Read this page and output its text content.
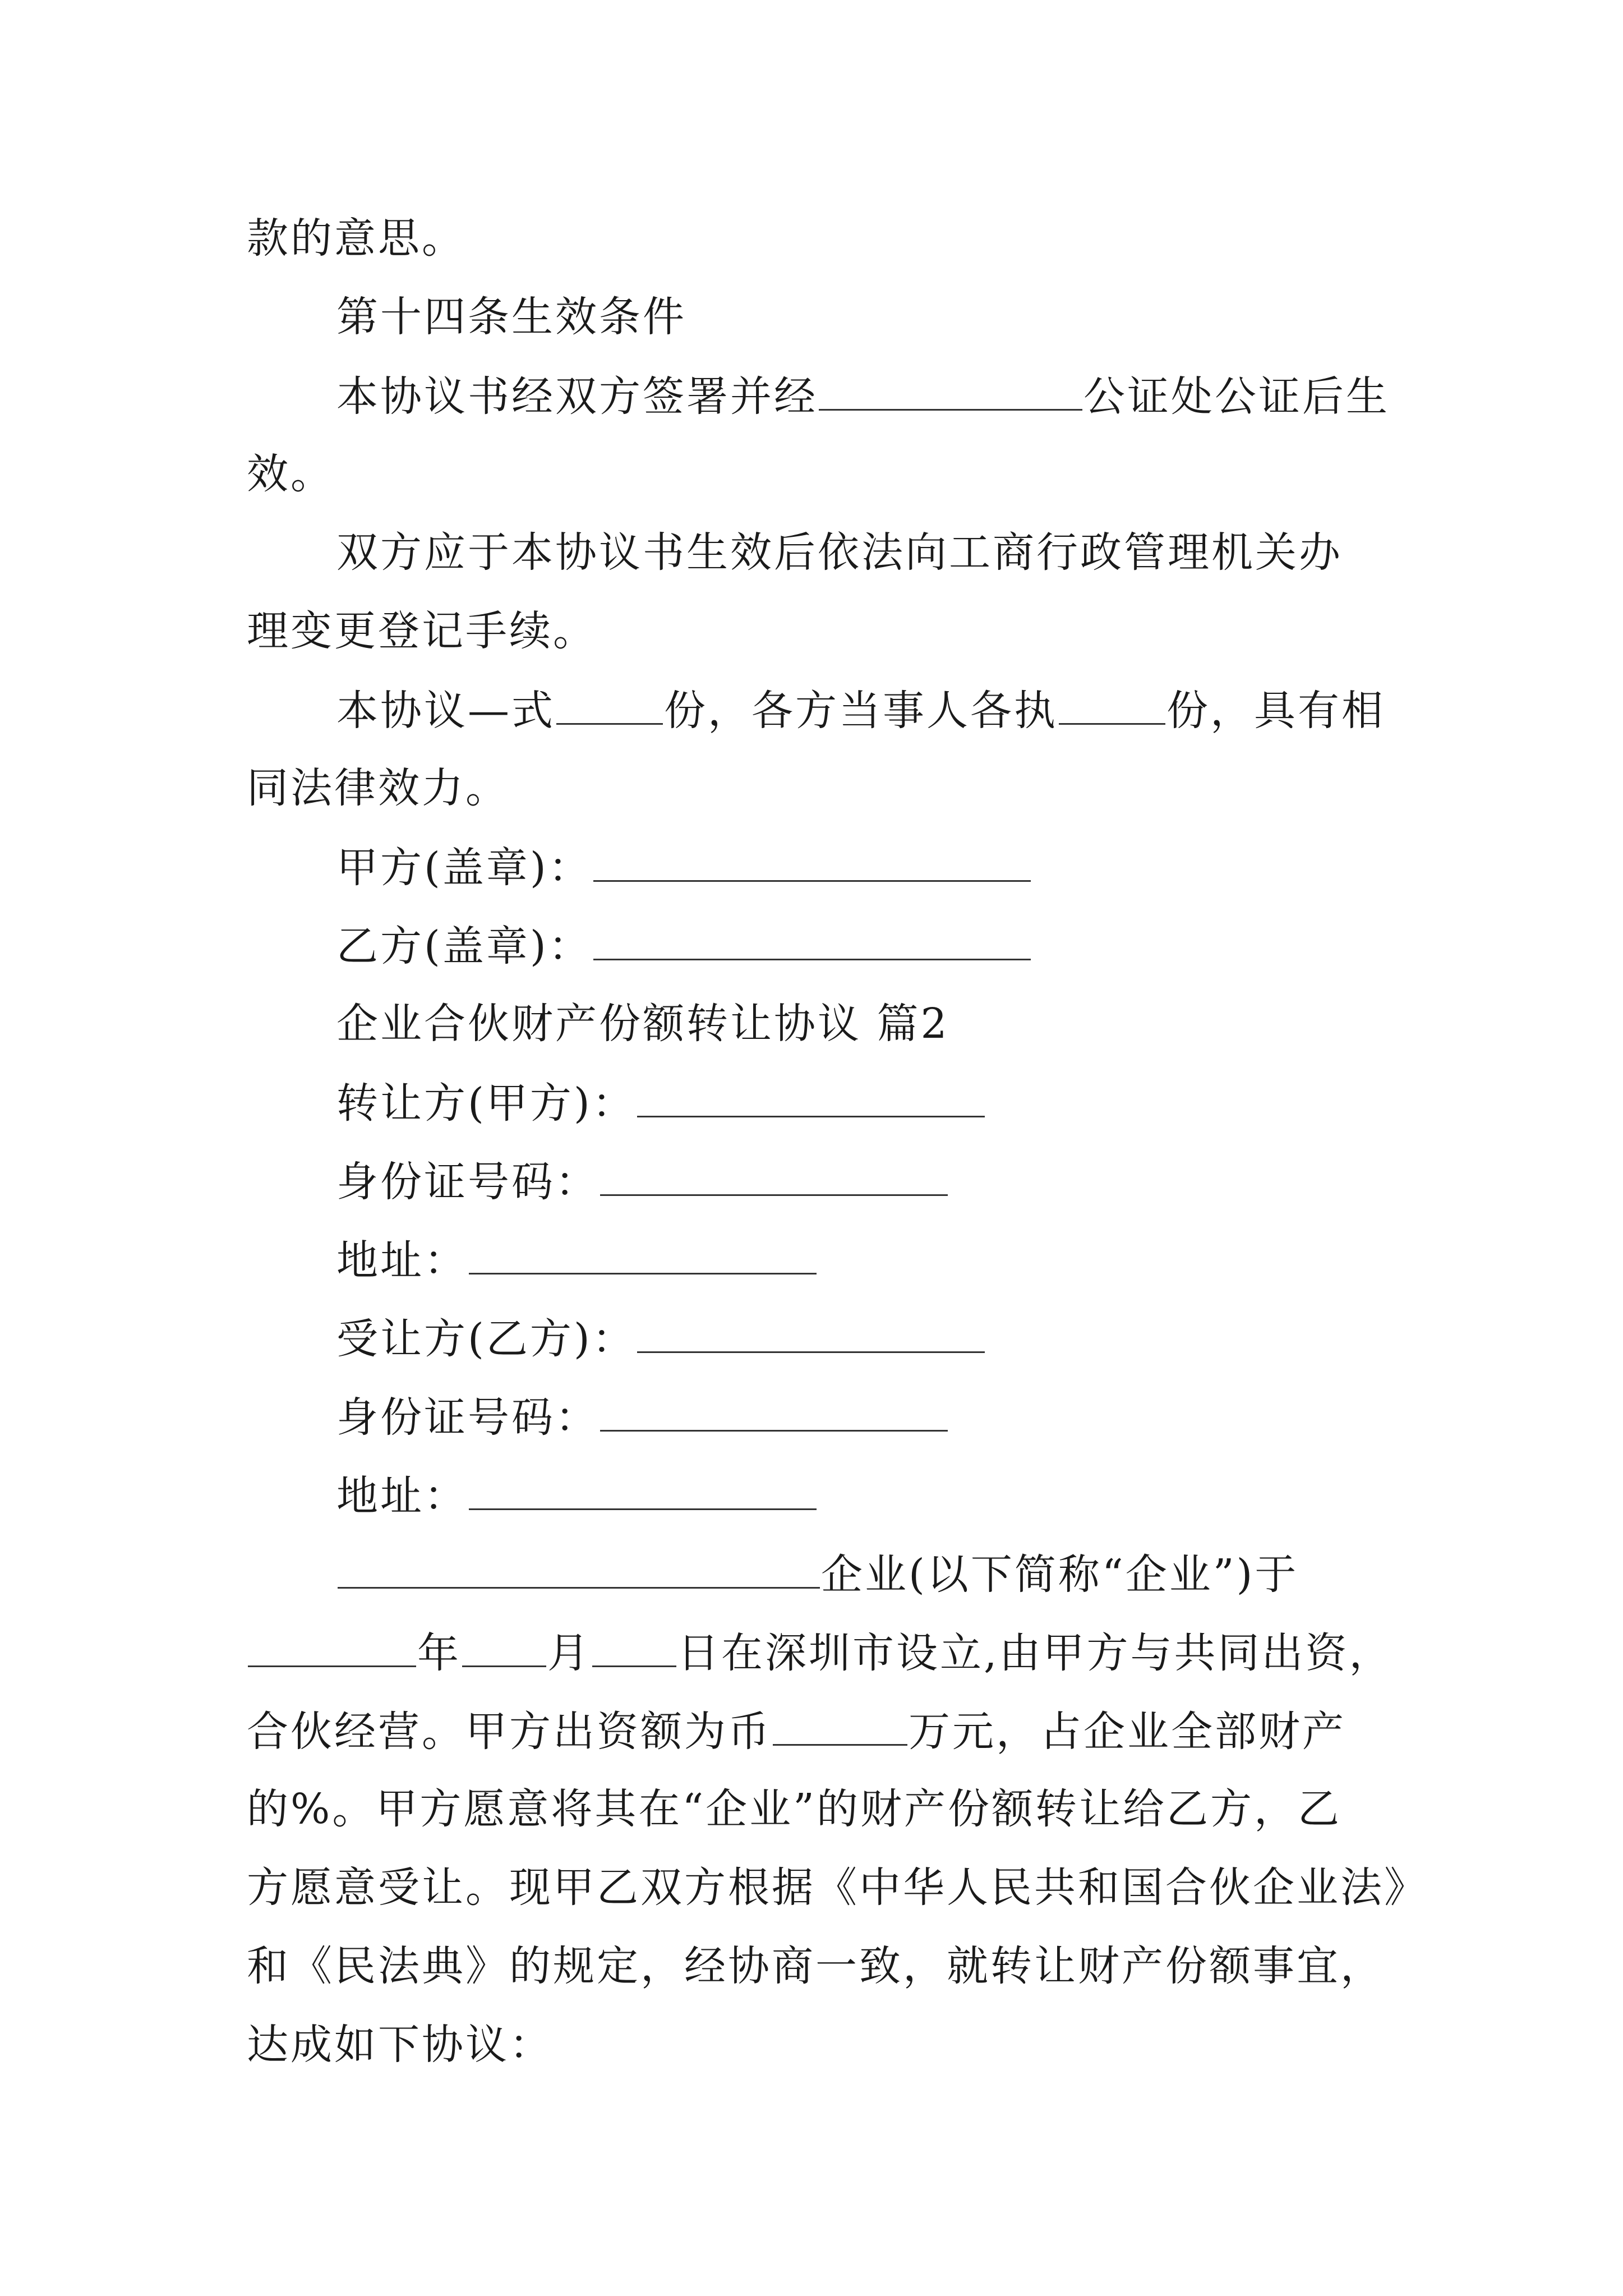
款的意思。
第十四条生效条件
本协议书经双方签署并经	公证处公证后生
效。
双方应于本协议书生效后依法向工商行政管理机关办
理变更登记手续。
本协议—式	份，各方当事人各执	份，具有相
同法律效力。
甲方(盖章)：
乙方(盖章)：
企业合伙财产份额转让协议 篇2
转让方(甲方)：
身份证号码：
地址：
受让方(乙方)：
身份证号码：
地址：
企业(以下简称“企业”)于
年 月 日在深圳市设立,由甲方与共同出资，
合伙经营。甲方出资额为币	万元，占企业全部财产
的%。甲方愿意将其在“企业”的财产份额转让给乙方，乙
方愿意受让。现甲乙双方根据《中华人民共和国合伙企业法》
和《民法典》的规定，经协商一致，就转让财产份额事宜，
达成如下协议：
